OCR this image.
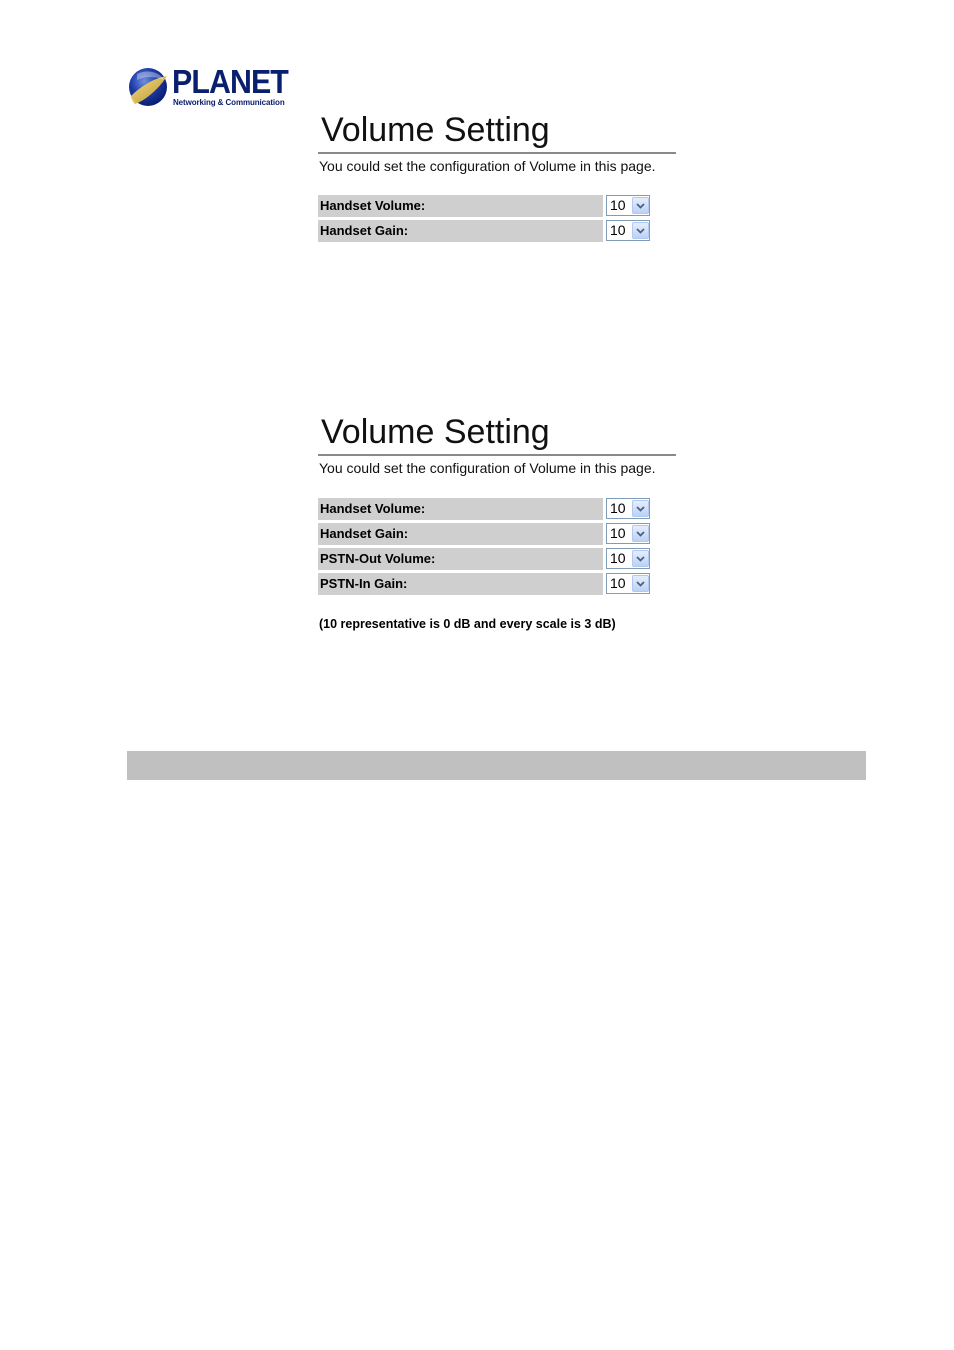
PLANET
Networking & Communication
Volume Setting
You could set the configuration of Volume in this page.
Handset Volume:	10
Handset Gain:	10
Volume Setting
You could set the configuration of Volume in this page.
Handset Volume:	10
Handset Gain:	10
PSTN-Out Volume:	10
PSTN-In Gain:	10
(10 representative is 0 dB and every scale is 3 dB)
